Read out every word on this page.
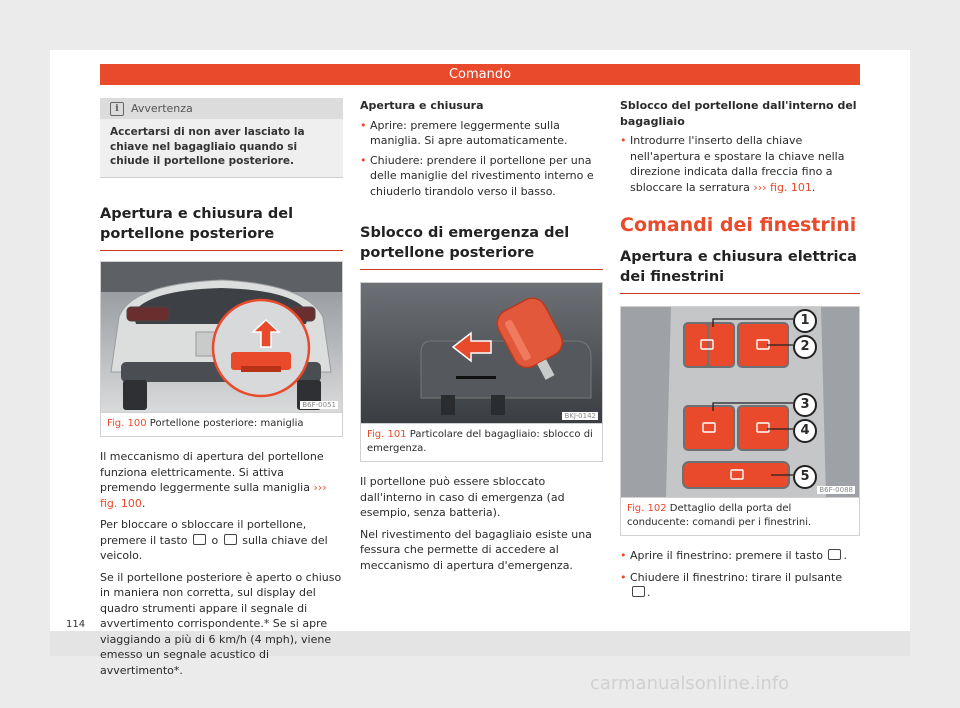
Comando
114
carmanualsonline.info
i	Avvertenza
Accertarsi di non aver lasciato la chiave nel bagagliaio quando si chiude il portellone posteriore.
Apertura e chiusura del portellone posteriore
B6F-0051
Fig. 100 Portellone posteriore: maniglia

Il meccanismo di apertura del portellone funziona elettricamente. Si attiva premendo leggermente sulla maniglia ››› fig. 100.

Per bloccare o sbloccare il portellone, premere il tasto o sulla chiave del veicolo.

Se il portellone posteriore è aperto o chiuso in maniera non corretta, sul display del quadro strumenti appare il segnale di avvertimento corrispondente.* Se si apre viaggiando a più di 6 km/h (4 mph), viene emesso un segnale acustico di avvertimento*.

Apertura e chiusura

• Aprire: premere leggermente sulla maniglia. Si apre automaticamente.

• Chiudere: prendere il portellone per una delle maniglie del rivestimento interno e chiuderlo tirandolo verso il basso.

Sblocco di emergenza del portellone posteriore
BKJ-0142
Fig. 101 Particolare del bagagliaio: sblocco di emergenza.

Il portellone può essere sbloccato dall'interno in caso di emergenza (ad esempio, senza batteria).

Nel rivestimento del bagagliaio esiste una fessura che permette di accedere al meccanismo di apertura d'emergenza.

Sblocco del portellone dall'interno del bagagliaio

• Introdurre l'inserto della chiave nell'apertura e spostare la chiave nella direzione indicata dalla freccia fino a sbloccare la serratura ››› fig. 101.

Comandi dei finestrini
Apertura e chiusura elettrica dei finestrini
1
2
3
4
5
B6F-0088
Fig. 102 Dettaglio della porta del conducente: comandi per i finestrini.

• Aprire il finestrino: premere il tasto .

• Chiudere il finestrino: tirare il pulsante .
